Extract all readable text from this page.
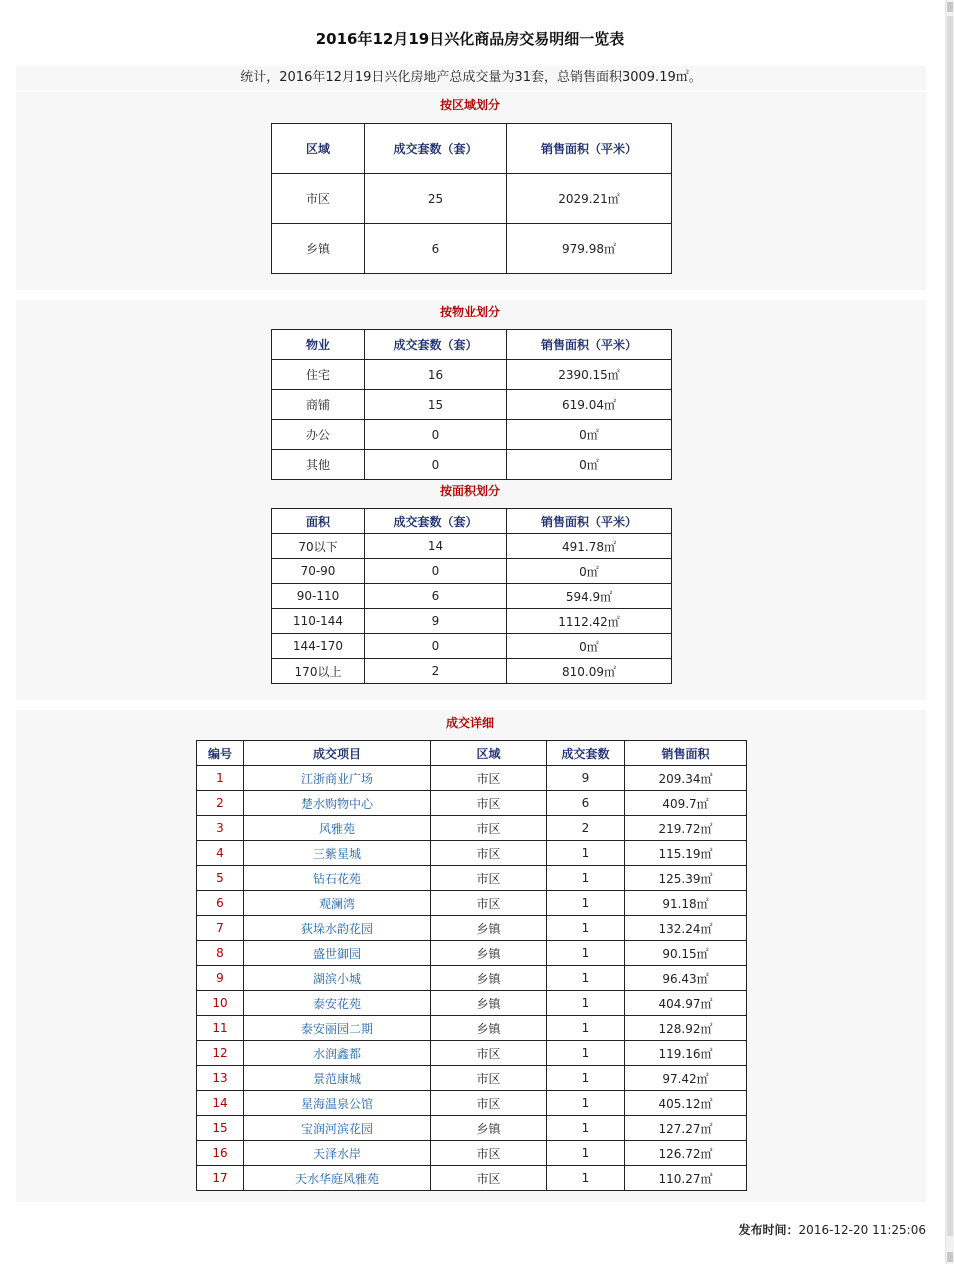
2016年12月19日兴化商品房交易明细一览表
统计，2016年12月19日兴化房地产总成交量为31套，总销售面积3009.19㎡。
按区域划分
区域	成交套数（套）	销售面积（平米）
市区	25	2029.21㎡
乡镇	6	979.98㎡
按物业划分
物业	成交套数（套）	销售面积（平米）
住宅	16	2390.15㎡
商铺	15	619.04㎡
办公	0	0㎡
其他	0	0㎡
按面积划分
面积	成交套数（套）	销售面积（平米）
70以下	14	491.78㎡
70-90	0	0㎡
90-110	6	594.9㎡
110-144	9	1112.42㎡
144-170	0	0㎡
170以上	2	810.09㎡
成交详细
编号	成交项目	区域	成交套数	销售面积
1	江浙商业广场	市区	9	209.34㎡
2	楚水购物中心	市区	6	409.7㎡
3	风雅苑	市区	2	219.72㎡
4	三紫星城	市区	1	115.19㎡
5	钻石花苑	市区	1	125.39㎡
6	观澜湾	市区	1	91.18㎡
7	荻垛水韵花园	乡镇	1	132.24㎡
8	盛世御园	乡镇	1	90.15㎡
9	湖滨小城	乡镇	1	96.43㎡
10	泰安花苑	乡镇	1	404.97㎡
11	泰安丽园二期	乡镇	1	128.92㎡
12	水润鑫都	市区	1	119.16㎡
13	景范康城	市区	1	97.42㎡
14	星海温泉公馆	市区	1	405.12㎡
15	宝润河滨花园	乡镇	1	127.27㎡
16	天泽水岸	市区	1	126.72㎡
17	天水华庭风雅苑	市区	1	110.27㎡
发布时间：2016-12-20 11:25:06
